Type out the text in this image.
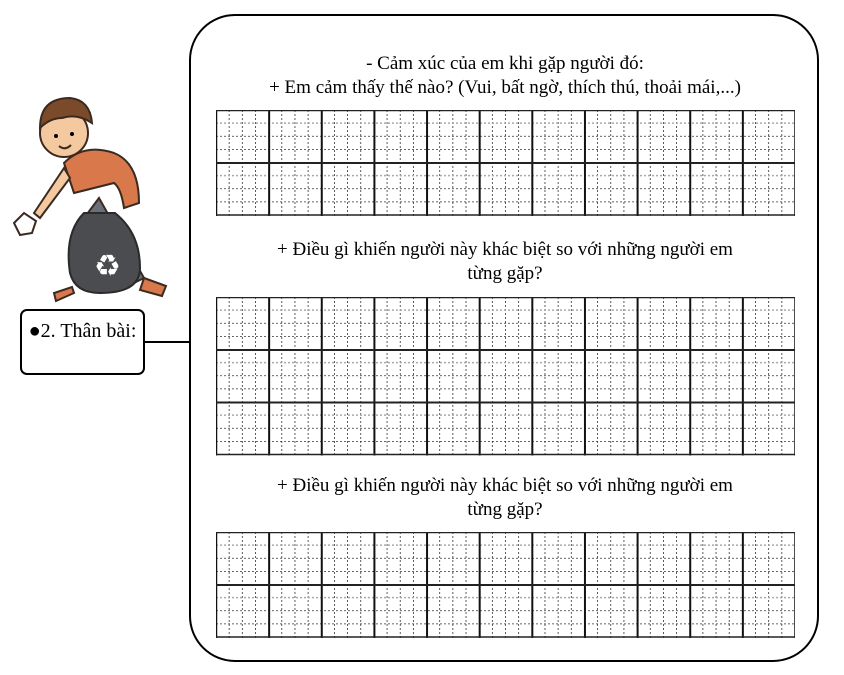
- Cảm xúc của em khi gặp người đó:
+ Em cảm thấy thế nào? (Vui, bất ngờ, thích thú, thoải mái,...)
+ Điều gì khiến người này khác biệt so với những người em
từng gặp?
+ Điều gì khiến người này khác biệt so với những người em
từng gặp?
♻
●2. Thân bài:
